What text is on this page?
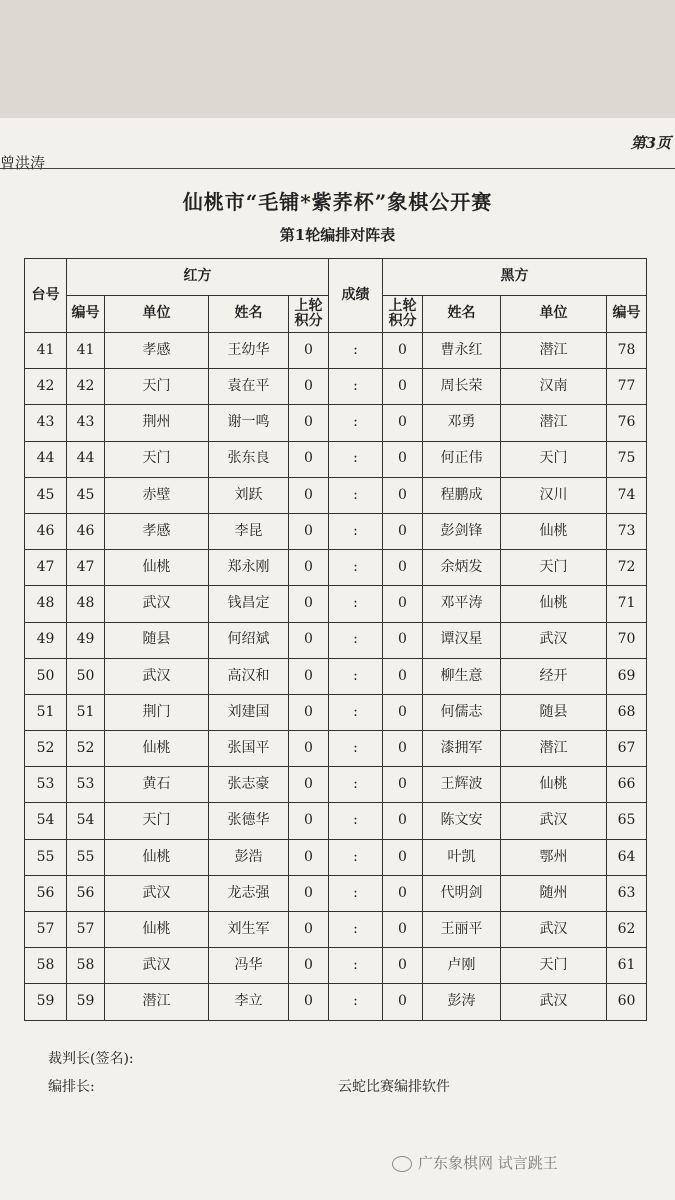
曾洪涛
第3页
仙桃市“毛铺*紫荞杯”象棋公开赛
第1轮编排对阵表
台号	红方				成绩	黑方			
	编号	单位	姓名	上轮积分		上轮积分	姓名	单位	编号
41	41	孝感	王幼华	0	:	0	曹永红	潜江	78
42	42	天门	袁在平	0	:	0	周长荣	汉南	77
43	43	荆州	谢一鸣	0	:	0	邓勇	潜江	76
44	44	天门	张东良	0	:	0	何正伟	天门	75
45	45	赤壁	刘跃	0	:	0	程鹏成	汉川	74
46	46	孝感	李昆	0	:	0	彭剑锋	仙桃	73
47	47	仙桃	郑永刚	0	:	0	余炳发	天门	72
48	48	武汉	钱昌定	0	:	0	邓平涛	仙桃	71
49	49	随县	何绍斌	0	:	0	谭汉星	武汉	70
50	50	武汉	高汉和	0	:	0	柳生意	经开	69
51	51	荆门	刘建国	0	:	0	何儒志	随县	68
52	52	仙桃	张国平	0	:	0	漆拥军	潜江	67
53	53	黄石	张志豪	0	:	0	王辉波	仙桃	66
54	54	天门	张德华	0	:	0	陈文安	武汉	65
55	55	仙桃	彭浩	0	:	0	叶凯	鄂州	64
56	56	武汉	龙志强	0	:	0	代明剑	随州	63
57	57	仙桃	刘生军	0	:	0	王丽平	武汉	62
58	58	武汉	冯华	0	:	0	卢刚	天门	61
59	59	潜江	李立	0	:	0	彭涛	武汉	60
裁判长(签名):
编排长:	云蛇比赛编排软件
广东象棋网 试言跳王
